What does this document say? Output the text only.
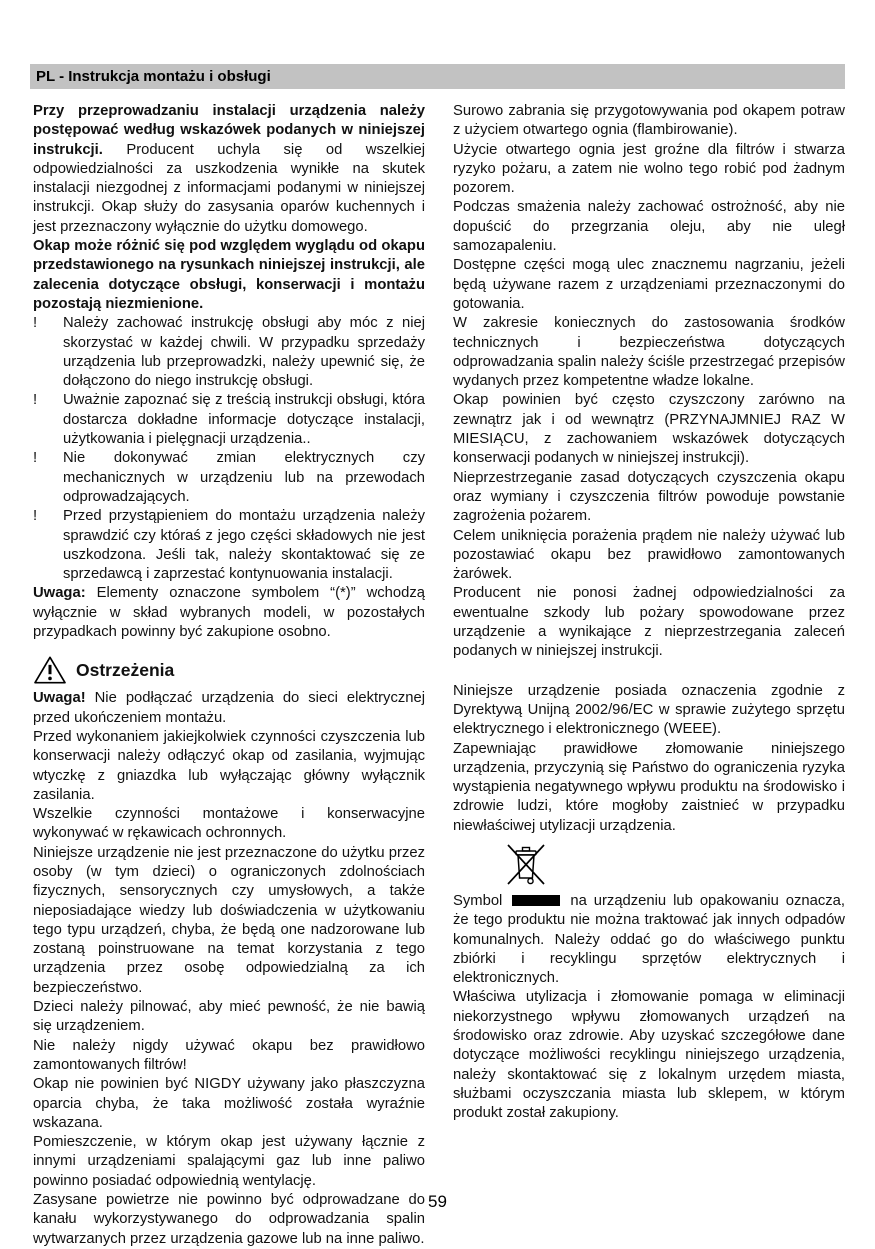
PL - Instrukcja montażu i obsługi

Przy przeprowadzaniu instalacji urządzenia należy postępować według wskazówek podanych w niniejszej instrukcji. Producent uchyla się od wszelkiej odpowiedzialności za uszkodzenia wynikłe na skutek instalacji niezgodnej z informacjami podanymi w niniejszej instrukcji. Okap służy do zasysania oparów kuchennych i jest przeznaczony wyłącznie do użytku domowego.

Okap może różnić się pod względem wyglądu od okapu przedstawionego na rysunkach niniejszej instrukcji, ale zalecenia dotyczące obsługi, konserwacji i montażu pozostają niezmienione.

!	Należy zachować instrukcję obsługi aby móc z niej skorzystać w każdej chwili. W przypadku sprzedaży urządzenia lub przeprowadzki, należy upewnić się, że dołączono do niego instrukcję obsługi.
!	Uważnie zapoznać się z treścią instrukcji obsługi, która dostarcza dokładne informacje dotyczące instalacji, użytkowania i pielęgnacji urządzenia..
!	Nie dokonywać zmian elektrycznych czy mechanicznych w urządzeniu lub na przewodach odprowadzających.
!	Przed przystąpieniem do montażu urządzenia należy sprawdzić czy któraś z jego części składowych nie jest uszkodzona. Jeśli tak, należy skontaktować się ze sprzedawcą i zaprzestać kontynuowania instalacji.

Uwaga: Elementy oznaczone symbolem “(*)” wchodzą wyłącznie w skład wybranych modeli, w pozostałych przypadkach powinny być zakupione osobno.

Ostrzeżenia

Uwaga! Nie podłączać urządzenia do sieci elektrycznej przed ukończeniem montażu.

Przed wykonaniem jakiejkolwiek czynności czyszczenia lub konserwacji należy odłączyć okap od zasilania, wyjmując wtyczkę z gniazdka lub wyłączając główny wyłącznik zasilania.

Wszelkie czynności montażowe i konserwacyjne wykonywać w rękawicach ochronnych.

Niniejsze urządzenie nie jest przeznaczone do użytku przez osoby (w tym dzieci) o ograniczonych zdolnościach fizycznych, sensorycznych czy umysłowych, a także nieposiadające wiedzy lub doświadczenia w użytkowaniu tego typu urządzeń, chyba, że będą one nadzorowane lub zostaną poinstruowane na temat korzystania z tego urządzenia przez osobę odpowiedzialną za ich bezpieczeństwo.

Dzieci należy pilnować, aby mieć pewność, że nie bawią się urządzeniem.

Nie należy nigdy używać okapu bez prawidłowo zamontowanych filtrów!

Okap nie powinien być NIGDY używany jako płaszczyzna oparcia chyba, że taka możliwość została wyraźnie wskazana.

Pomieszczenie, w którym okap jest używany łącznie z innymi urządzeniami spalającymi gaz lub inne paliwo powinno posiadać odpowiednią wentylację.

Zasysane powietrze nie powinno być odprowadzane do kanału wykorzystywanego do odprowadzania spalin wytwarzanych przez urządzenia gazowe lub na inne paliwo.

Surowo zabrania się przygotowywania pod okapem potraw z użyciem otwartego ognia (flambirowanie).

Użycie otwartego ognia jest groźne dla filtrów i stwarza ryzyko pożaru, a zatem nie wolno tego robić pod żadnym pozorem.

Podczas smażenia należy zachować ostrożność, aby nie dopuścić do przegrzania oleju, aby nie uległ samozapaleniu.

Dostępne części mogą ulec znacznemu nagrzaniu, jeżeli będą używane razem z urządzeniami przeznaczonymi do gotowania.

W zakresie koniecznych do zastosowania środków technicznych i bezpieczeństwa dotyczących odprowadzania spalin należy ściśle przestrzegać przepisów wydanych przez kompetentne władze lokalne.

Okap powinien być często czyszczony zarówno na zewnątrz jak i od wewnątrz (PRZYNAJMNIEJ RAZ W MIESIĄCU, z zachowaniem wskazówek dotyczących konserwacji podanych w niniejszej instrukcji).

Nieprzestrzeganie zasad dotyczących czyszczenia okapu oraz wymiany i czyszczenia filtrów powoduje powstanie zagrożenia pożarem.

Celem uniknięcia porażenia prądem nie należy używać lub pozostawiać okapu bez prawidłowo zamontowanych żarówek.

Producent nie ponosi żadnej odpowiedzialności za ewentualne szkody lub pożary spowodowane przez urządzenie a wynikające z nieprzestrzegania zaleceń podanych w niniejszej instrukcji.

Niniejsze urządzenie posiada oznaczenia zgodnie z Dyrektywą Unijną 2002/96/EC w sprawie zużytego sprzętu elektrycznego i elektronicznego (WEEE).

Zapewniając prawidłowe złomowanie niniejszego urządzenia, przyczynią się Państwo do ograniczenia ryzyka wystąpienia negatywnego wpływu produktu na środowisko i zdrowie ludzi, które mogłoby zaistnieć w przypadku niewłaściwej utylizacji urządzenia.

Symbol	na urządzeniu lub opakowaniu oznacza, że tego produktu nie można traktować jak innych odpadów komunalnych. Należy oddać go do właściwego punktu zbiórki i recyklingu sprzętów elektrycznych i elektronicznych.

Właściwa utylizacja i złomowanie pomaga w eliminacji niekorzystnego wpływu złomowanych urządzeń na środowisko oraz zdrowie. Aby uzyskać szczegółowe dane dotyczące możliwości recyklingu niniejszego urządzenia, należy skontaktować się z lokalnym urzędem miasta, służbami oczyszczania miasta lub sklepem, w którym produkt został zakupiony.

59
